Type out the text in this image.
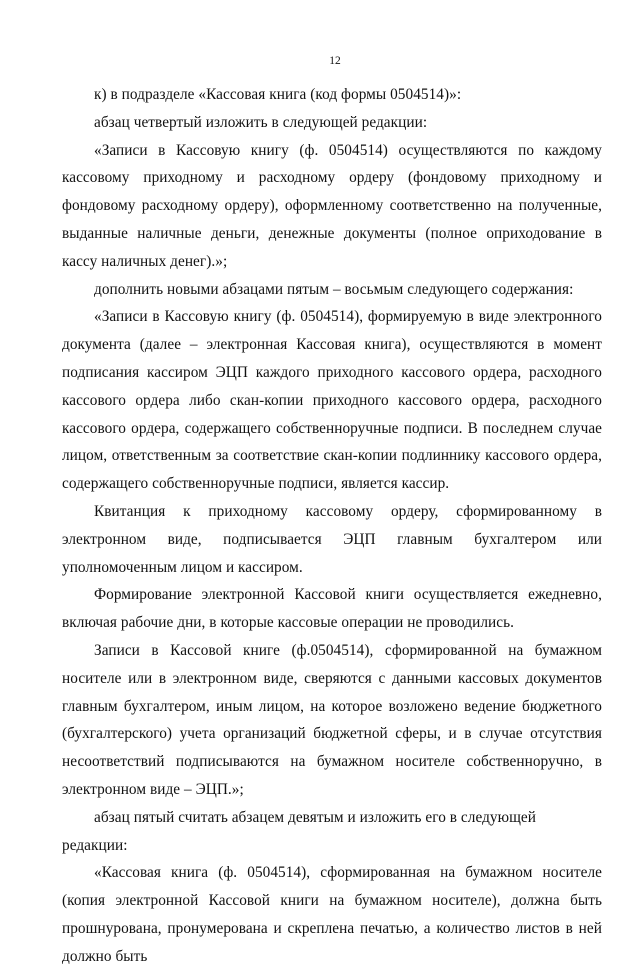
12

к) в подразделе «Кассовая книга (код формы 0504514)»:

абзац четвертый изложить в следующей редакции:

«Записи в Кассовую книгу (ф. 0504514) осуществляются по каждому кассовому приходному и расходному ордеру (фондовому приходному и фондовому расходному ордеру), оформленному соответственно на полученные, выданные наличные деньги, денежные документы (полное оприходование в кассу наличных денег).»;

дополнить новыми абзацами пятым – восьмым следующего содержания:

«Записи в Кассовую книгу (ф. 0504514), формируемую в виде электронного документа (далее – электронная Кассовая книга), осуществляются в момент подписания кассиром ЭЦП каждого приходного кассового ордера, расходного кассового ордера либо скан-копии приходного кассового ордера, расходного кассового ордера, содержащего собственноручные подписи. В последнем случае лицом, ответственным за соответствие скан-копии подлиннику кассового ордера, содержащего собственноручные подписи, является кассир.

Квитанция к приходному кассовому ордеру, сформированному в электронном виде, подписывается ЭЦП главным бухгалтером или уполномоченным лицом и кассиром.

Формирование электронной Кассовой книги осуществляется ежедневно, включая рабочие дни, в которые кассовые операции не проводились.

Записи в Кассовой книге (ф.0504514), сформированной на бумажном носителе или в электронном виде, сверяются с данными кассовых документов главным бухгалтером, иным лицом, на которое возложено ведение бюджетного (бухгалтерского) учета организаций бюджетной сферы, и в случае отсутствия несоответствий подписываются на бумажном носителе собственноручно, в электронном виде – ЭЦП.»;

абзац пятый считать абзацем девятым и изложить его в следующей редакции:

«Кассовая книга (ф. 0504514), сформированная на бумажном носителе (копия электронной Кассовой книги на бумажном носителе), должна быть прошнурована, пронумерована и скреплена печатью, а количество листов в ней должно быть
